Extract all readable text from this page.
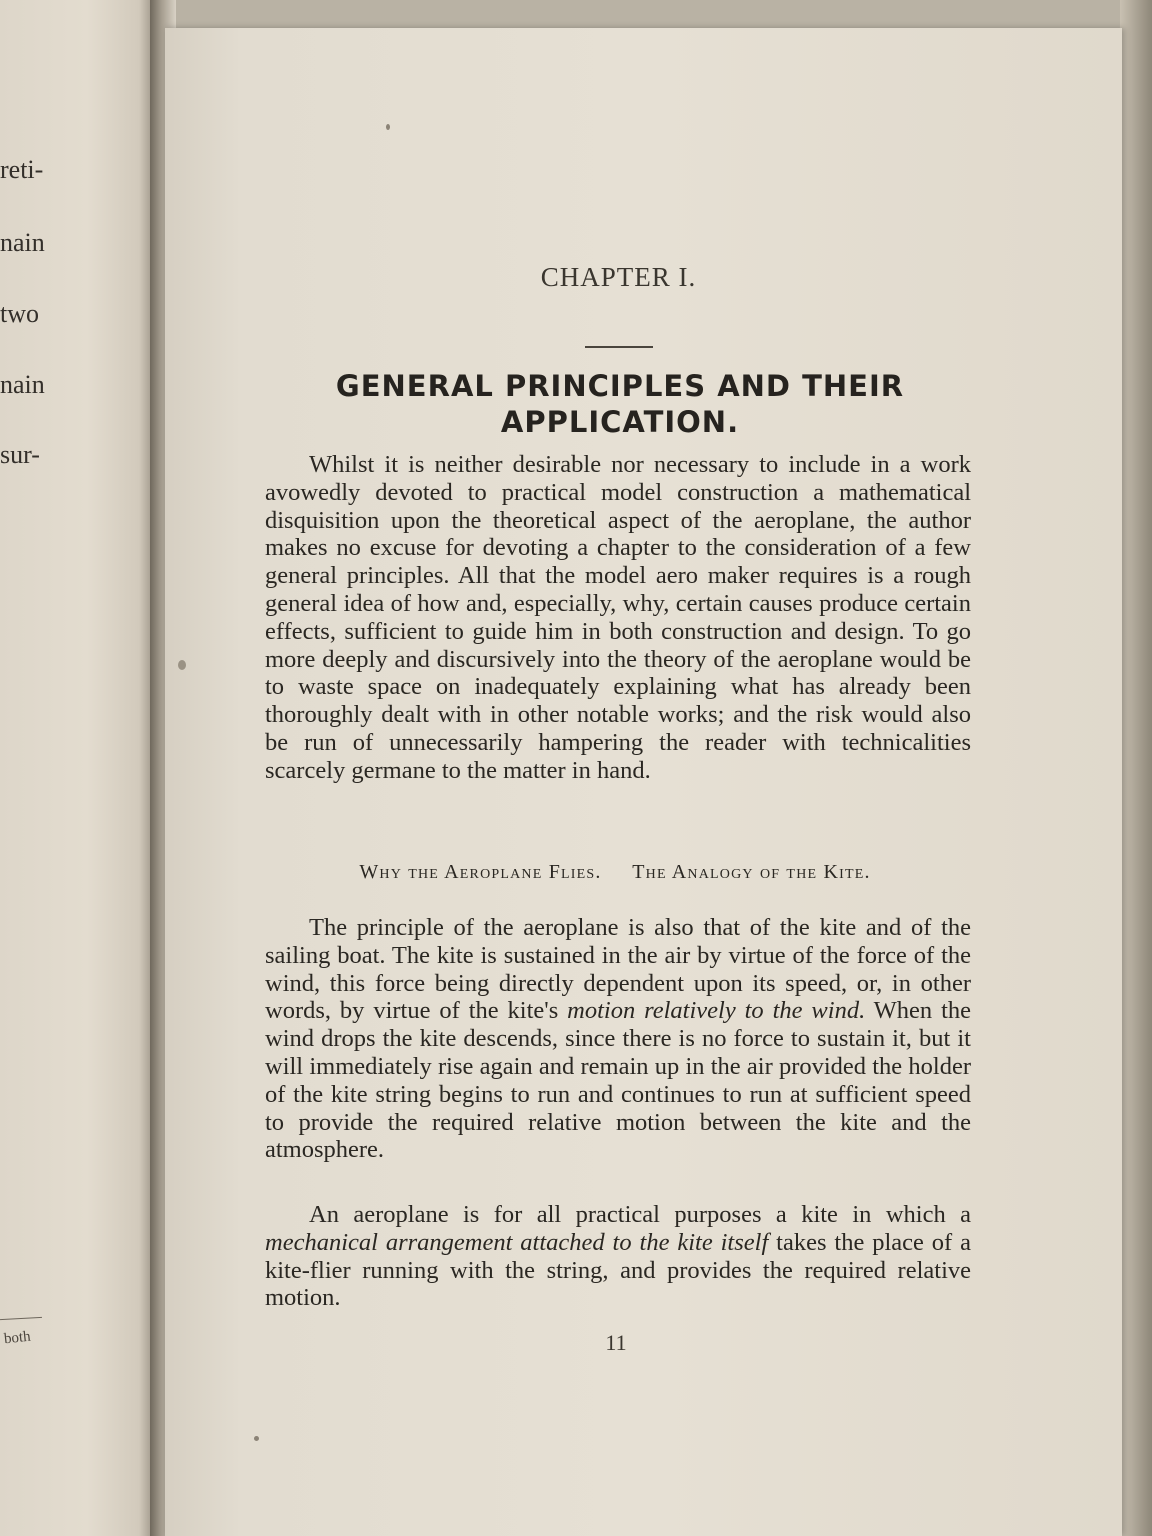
reti-
nain
two
nain
sur-
both
CHAPTER I.
GENERAL PRINCIPLES AND THEIR
APPLICATION.
Whilst it is neither desirable nor necessary to include in a work avowedly devoted to practical model construction a mathematical disquisition upon the theoretical aspect of the aeroplane, the author makes no excuse for devoting a chapter to the consideration of a few general principles. All that the model aero maker requires is a rough general idea of how and, especially, why, certain causes produce certain effects, sufficient to guide him in both construction and design. To go more deeply and discursively into the theory of the aeroplane would be to waste space on inadequately explaining what has already been thoroughly dealt with in other notable works; and the risk would also be run of unnecessarily hampering the reader with technicalities scarcely germane to the matter in hand.
Why the Aeroplane Flies. The Analogy of the Kite.
The principle of the aeroplane is also that of the kite and of the sailing boat. The kite is sustained in the air by virtue of the force of the wind, this force being directly dependent upon its speed, or, in other words, by virtue of the kite's motion relatively to the wind. When the wind drops the kite descends, since there is no force to sustain it, but it will immediately rise again and remain up in the air provided the holder of the kite string begins to run and continues to run at sufficient speed to provide the required relative motion between the kite and the atmosphere.
An aeroplane is for all practical purposes a kite in which a mechanical arrangement attached to the kite itself takes the place of a kite-flier running with the string, and provides the required relative motion.
11
